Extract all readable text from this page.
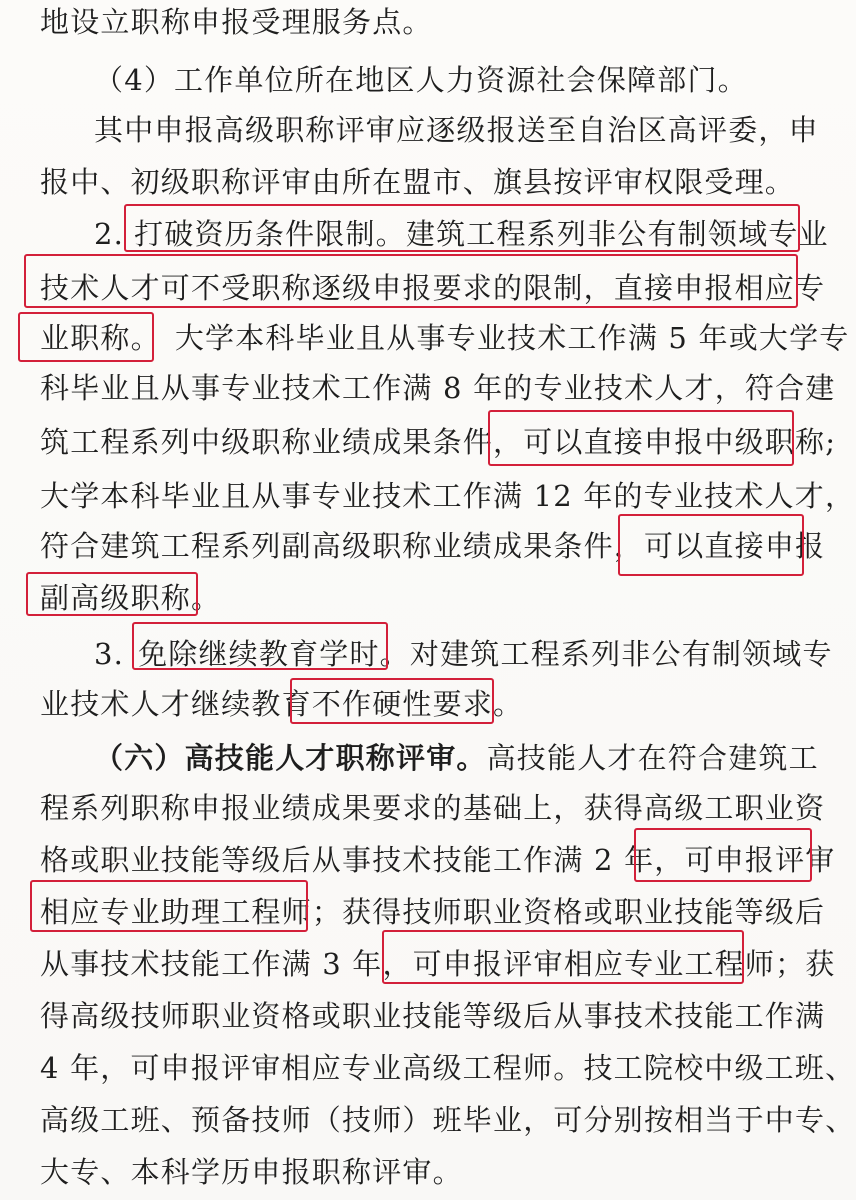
地设立职称申报受理服务点。
（4）工作单位所在地区人力资源社会保障部门。
其中申报高级职称评审应逐级报送至自治区高评委，申
报中、初级职称评审由所在盟市、旗县按评审权限受理。
2. 打破资历条件限制。建筑工程系列非公有制领域专业
技术人才可不受职称逐级申报要求的限制，直接申报相应专
业职称。 大学本科毕业且从事专业技术工作满 5 年或大学专
科毕业且从事专业技术工作满 8 年的专业技术人才，符合建
筑工程系列中级职称业绩成果条件，可以直接申报中级职称;
大学本科毕业且从事专业技术工作满 12 年的专业技术人才，
符合建筑工程系列副高级职称业绩成果条件，可以直接申报
副高级职称。
3. 免除继续教育学时。对建筑工程系列非公有制领域专
业技术人才继续教育不作硬性要求。
（六）高技能人才职称评审。高技能人才在符合建筑工
程系列职称申报业绩成果要求的基础上，获得高级工职业资
格或职业技能等级后从事技术技能工作满 2 年，可申报评审
相应专业助理工程师；获得技师职业资格或职业技能等级后
从事技术技能工作满 3 年，可申报评审相应专业工程师；获
得高级技师职业资格或职业技能等级后从事技术技能工作满
4 年，可申报评审相应专业高级工程师。技工院校中级工班、
高级工班、预备技师（技师）班毕业，可分别按相当于中专、
大专、本科学历申报职称评审。
